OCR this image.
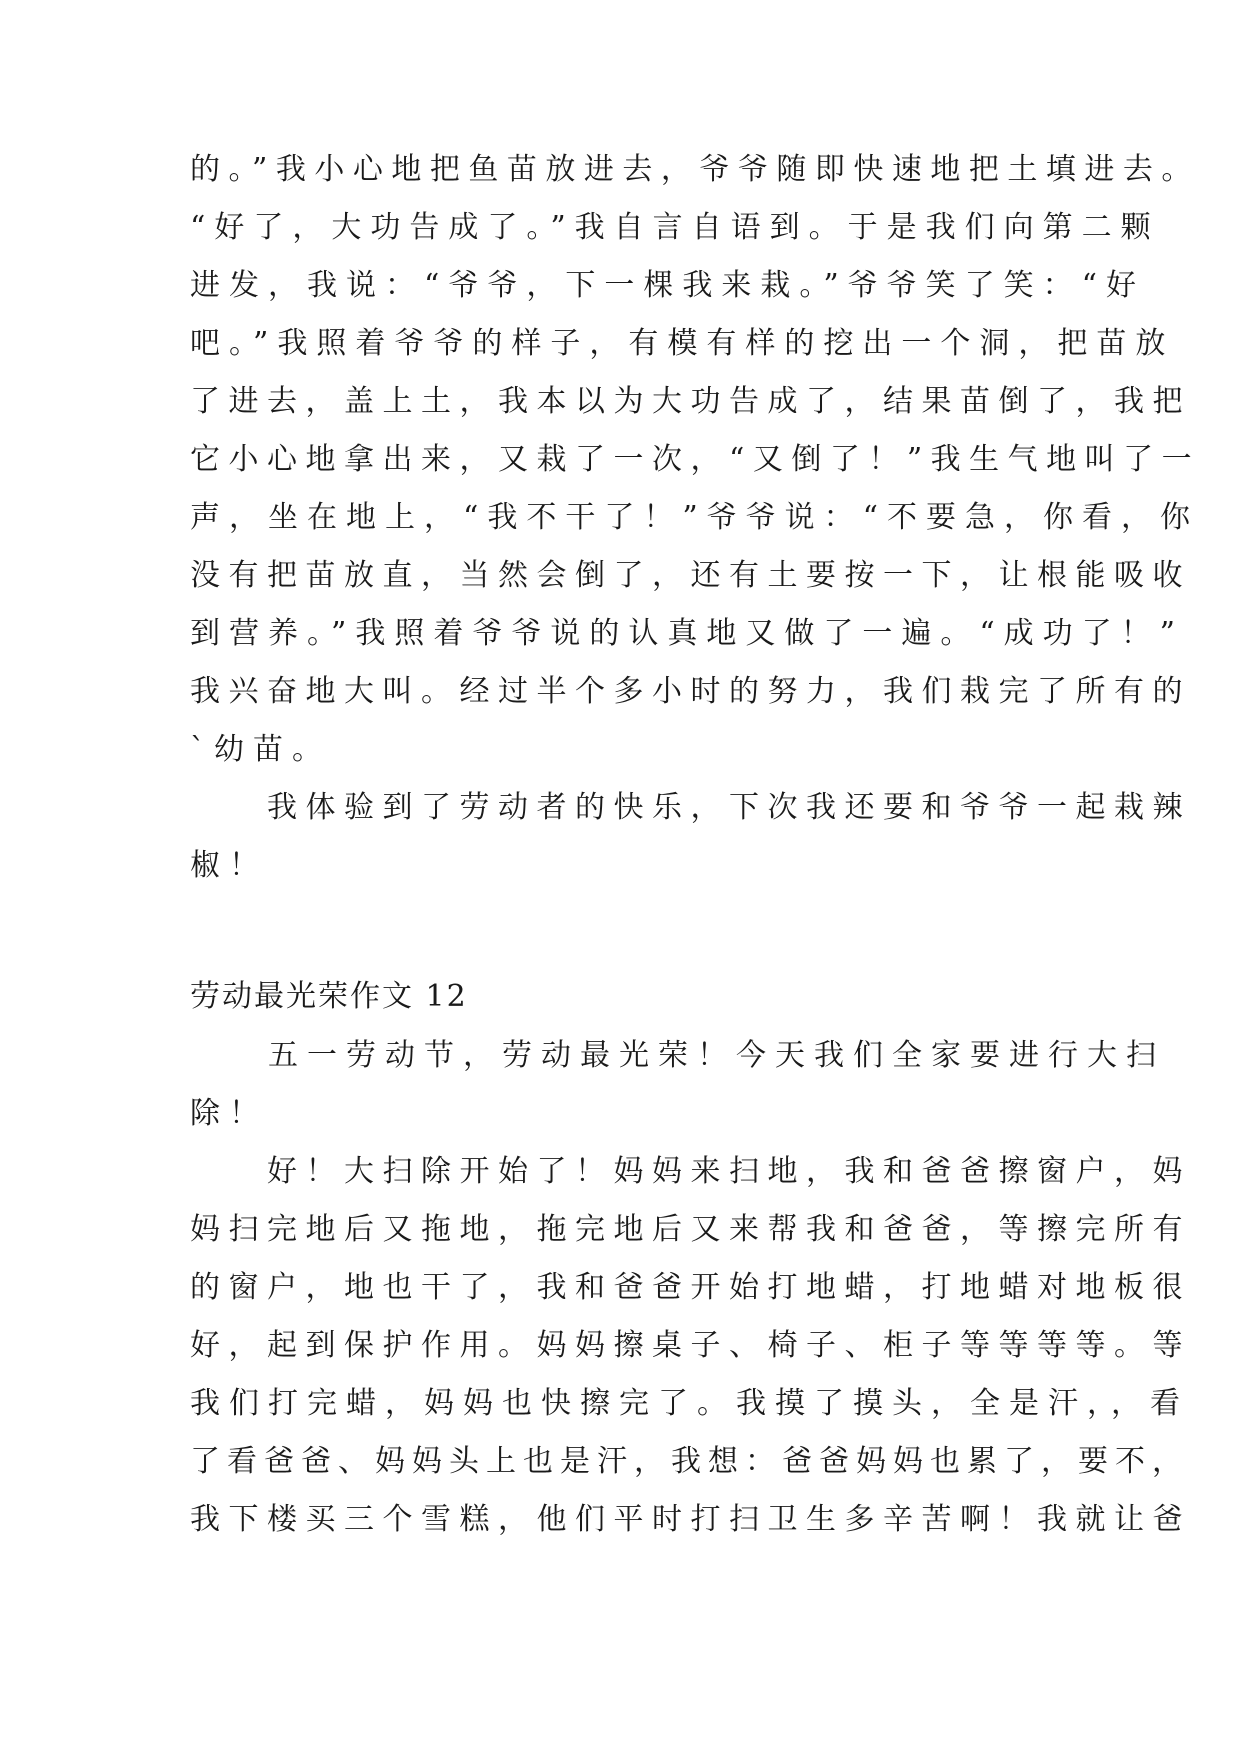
的。”我小心地把鱼苗放进去，爷爷随即快速地把土填进去。
“好了，大功告成了。”我自言自语到。于是我们向第二颗
进发，我说：“爷爷，下一棵我来栽。”爷爷笑了笑：“好
吧。”我照着爷爷的样子，有模有样的挖出一个洞，把苗放
了进去，盖上土，我本以为大功告成了，结果苗倒了，我把
它小心地拿出来，又栽了一次，“又倒了！”我生气地叫了一
声，坐在地上，“我不干了！”爷爷说：“不要急，你看，你
没有把苗放直，当然会倒了，还有土要按一下，让根能吸收
到营养。”我照着爷爷说的认真地又做了一遍。“成功了！”
我兴奋地大叫。经过半个多小时的努力，我们栽完了所有的
`幼苗。
　　我体验到了劳动者的快乐，下次我还要和爷爷一起栽辣
椒！
劳动最光荣作文 12
　　五一劳动节，劳动最光荣！今天我们全家要进行大扫
除！
　　好！大扫除开始了！妈妈来扫地，我和爸爸擦窗户，妈
妈扫完地后又拖地，拖完地后又来帮我和爸爸，等擦完所有
的窗户，地也干了，我和爸爸开始打地蜡，打地蜡对地板很
好，起到保护作用。妈妈擦桌子、椅子、柜子等等等等。等
我们打完蜡，妈妈也快擦完了。我摸了摸头，全是汗，，看
了看爸爸、妈妈头上也是汗，我想：爸爸妈妈也累了，要不，
我下楼买三个雪糕，他们平时打扫卫生多辛苦啊！我就让爸
